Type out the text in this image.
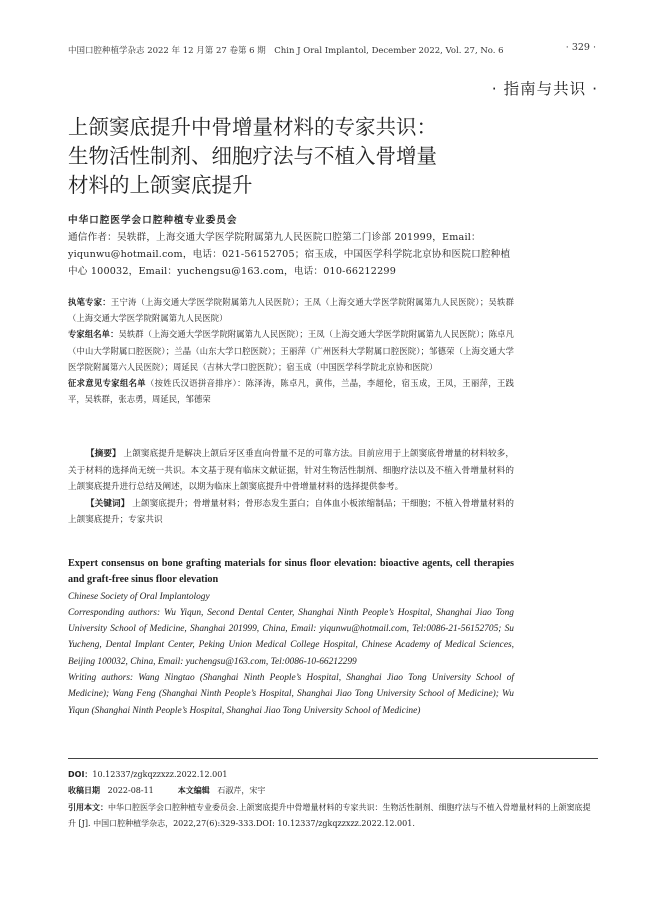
中国口腔种植学杂志 2022 年 12 月第 27 卷第 6 期　Chin J Oral Implantol, December 2022, Vol. 27, No. 6	· 329 ·
· 指南与共识 ·
上颌窦底提升中骨增量材料的专家共识：
生物活性制剂、细胞疗法与不植入骨增量
材料的上颌窦底提升
中华口腔医学会口腔种植专业委员会
通信作者：吴轶群，上海交通大学医学院附属第九人民医院口腔第二门诊部 201999，Email：yiqunwu@hotmail.com，电话：021-56152705；宿玉成，中国医学科学院北京协和医院口腔种植中心 100032，Email：yuchengsu@163.com，电话：010-66212299
执笔专家：王宁涛（上海交通大学医学院附属第九人民医院）；王凤（上海交通大学医学院附属第九人民医院）；吴轶群（上海交通大学医学院附属第九人民医院）
专家组名单：吴轶群（上海交通大学医学院附属第九人民医院）；王凤（上海交通大学医学院附属第九人民医院）；陈卓凡（中山大学附属口腔医院）；兰晶（山东大学口腔医院）；王丽萍（广州医科大学附属口腔医院）；邹德荣（上海交通大学医学院附属第六人民医院）；周延民（吉林大学口腔医院）；宿玉成（中国医学科学院北京协和医院）
征求意见专家组名单（按姓氏汉语拼音排序）：陈泽涛，陈卓凡，黄伟，兰晶，李超伦，宿玉成，王凤，王丽萍，王践平，吴轶群，张志勇，周延民，邹德荣

【摘要】 上颌窦底提升是解决上颌后牙区垂直向骨量不足的可靠方法。目前应用于上颌窦底骨增量的材料较多，关于材料的选择尚无统一共识。本文基于现有临床文献证据，针对生物活性制剂、细胞疗法以及不植入骨增量材料的上颌窦底提升进行总结及阐述，以期为临床上颌窦底提升中骨增量材料的选择提供参考。

【关键词】 上颌窦底提升；骨增量材料；骨形态发生蛋白；自体血小板浓缩制品；干细胞；不植入骨增量材料的上颌窦底提升；专家共识

Expert consensus on bone grafting materials for sinus floor elevation: bioactive agents, cell therapies and graft-free sinus floor elevation
Chinese Society of Oral Implantology
Corresponding authors: Wu Yiqun, Second Dental Center, Shanghai Ninth People’s Hospital, Shanghai Jiao Tong University School of Medicine, Shanghai 201999, China, Email: yiqunwu@hotmail.com, Tel:0086-21-56152705; Su Yucheng, Dental Implant Center, Peking Union Medical College Hospital, Chinese Academy of Medical Sciences, Beijing 100032, China, Email: yuchengsu@163.com, Tel:0086-10-66212299
Writing authors: Wang Ningtao (Shanghai Ninth People’s Hospital, Shanghai Jiao Tong University School of Medicine); Wang Feng (Shanghai Ninth People’s Hospital, Shanghai Jiao Tong University School of Medicine); Wu Yiqun (Shanghai Ninth People’s Hospital, Shanghai Jiao Tong University School of Medicine)
DOI：10.12337/zgkqzzxzz.2022.12.001
收稿日期 2022-08-11	本文编辑 石淑芹，宋宇
引用本文：中华口腔医学会口腔种植专业委员会.上颌窦底提升中骨增量材料的专家共识：生物活性制剂、细胞疗法与不植入骨增量材料的上颌窦底提升 [J]. 中国口腔种植学杂志，2022,27(6):329-333.DOI: 10.12337/zgkqzzxzz.2022.12.001.
